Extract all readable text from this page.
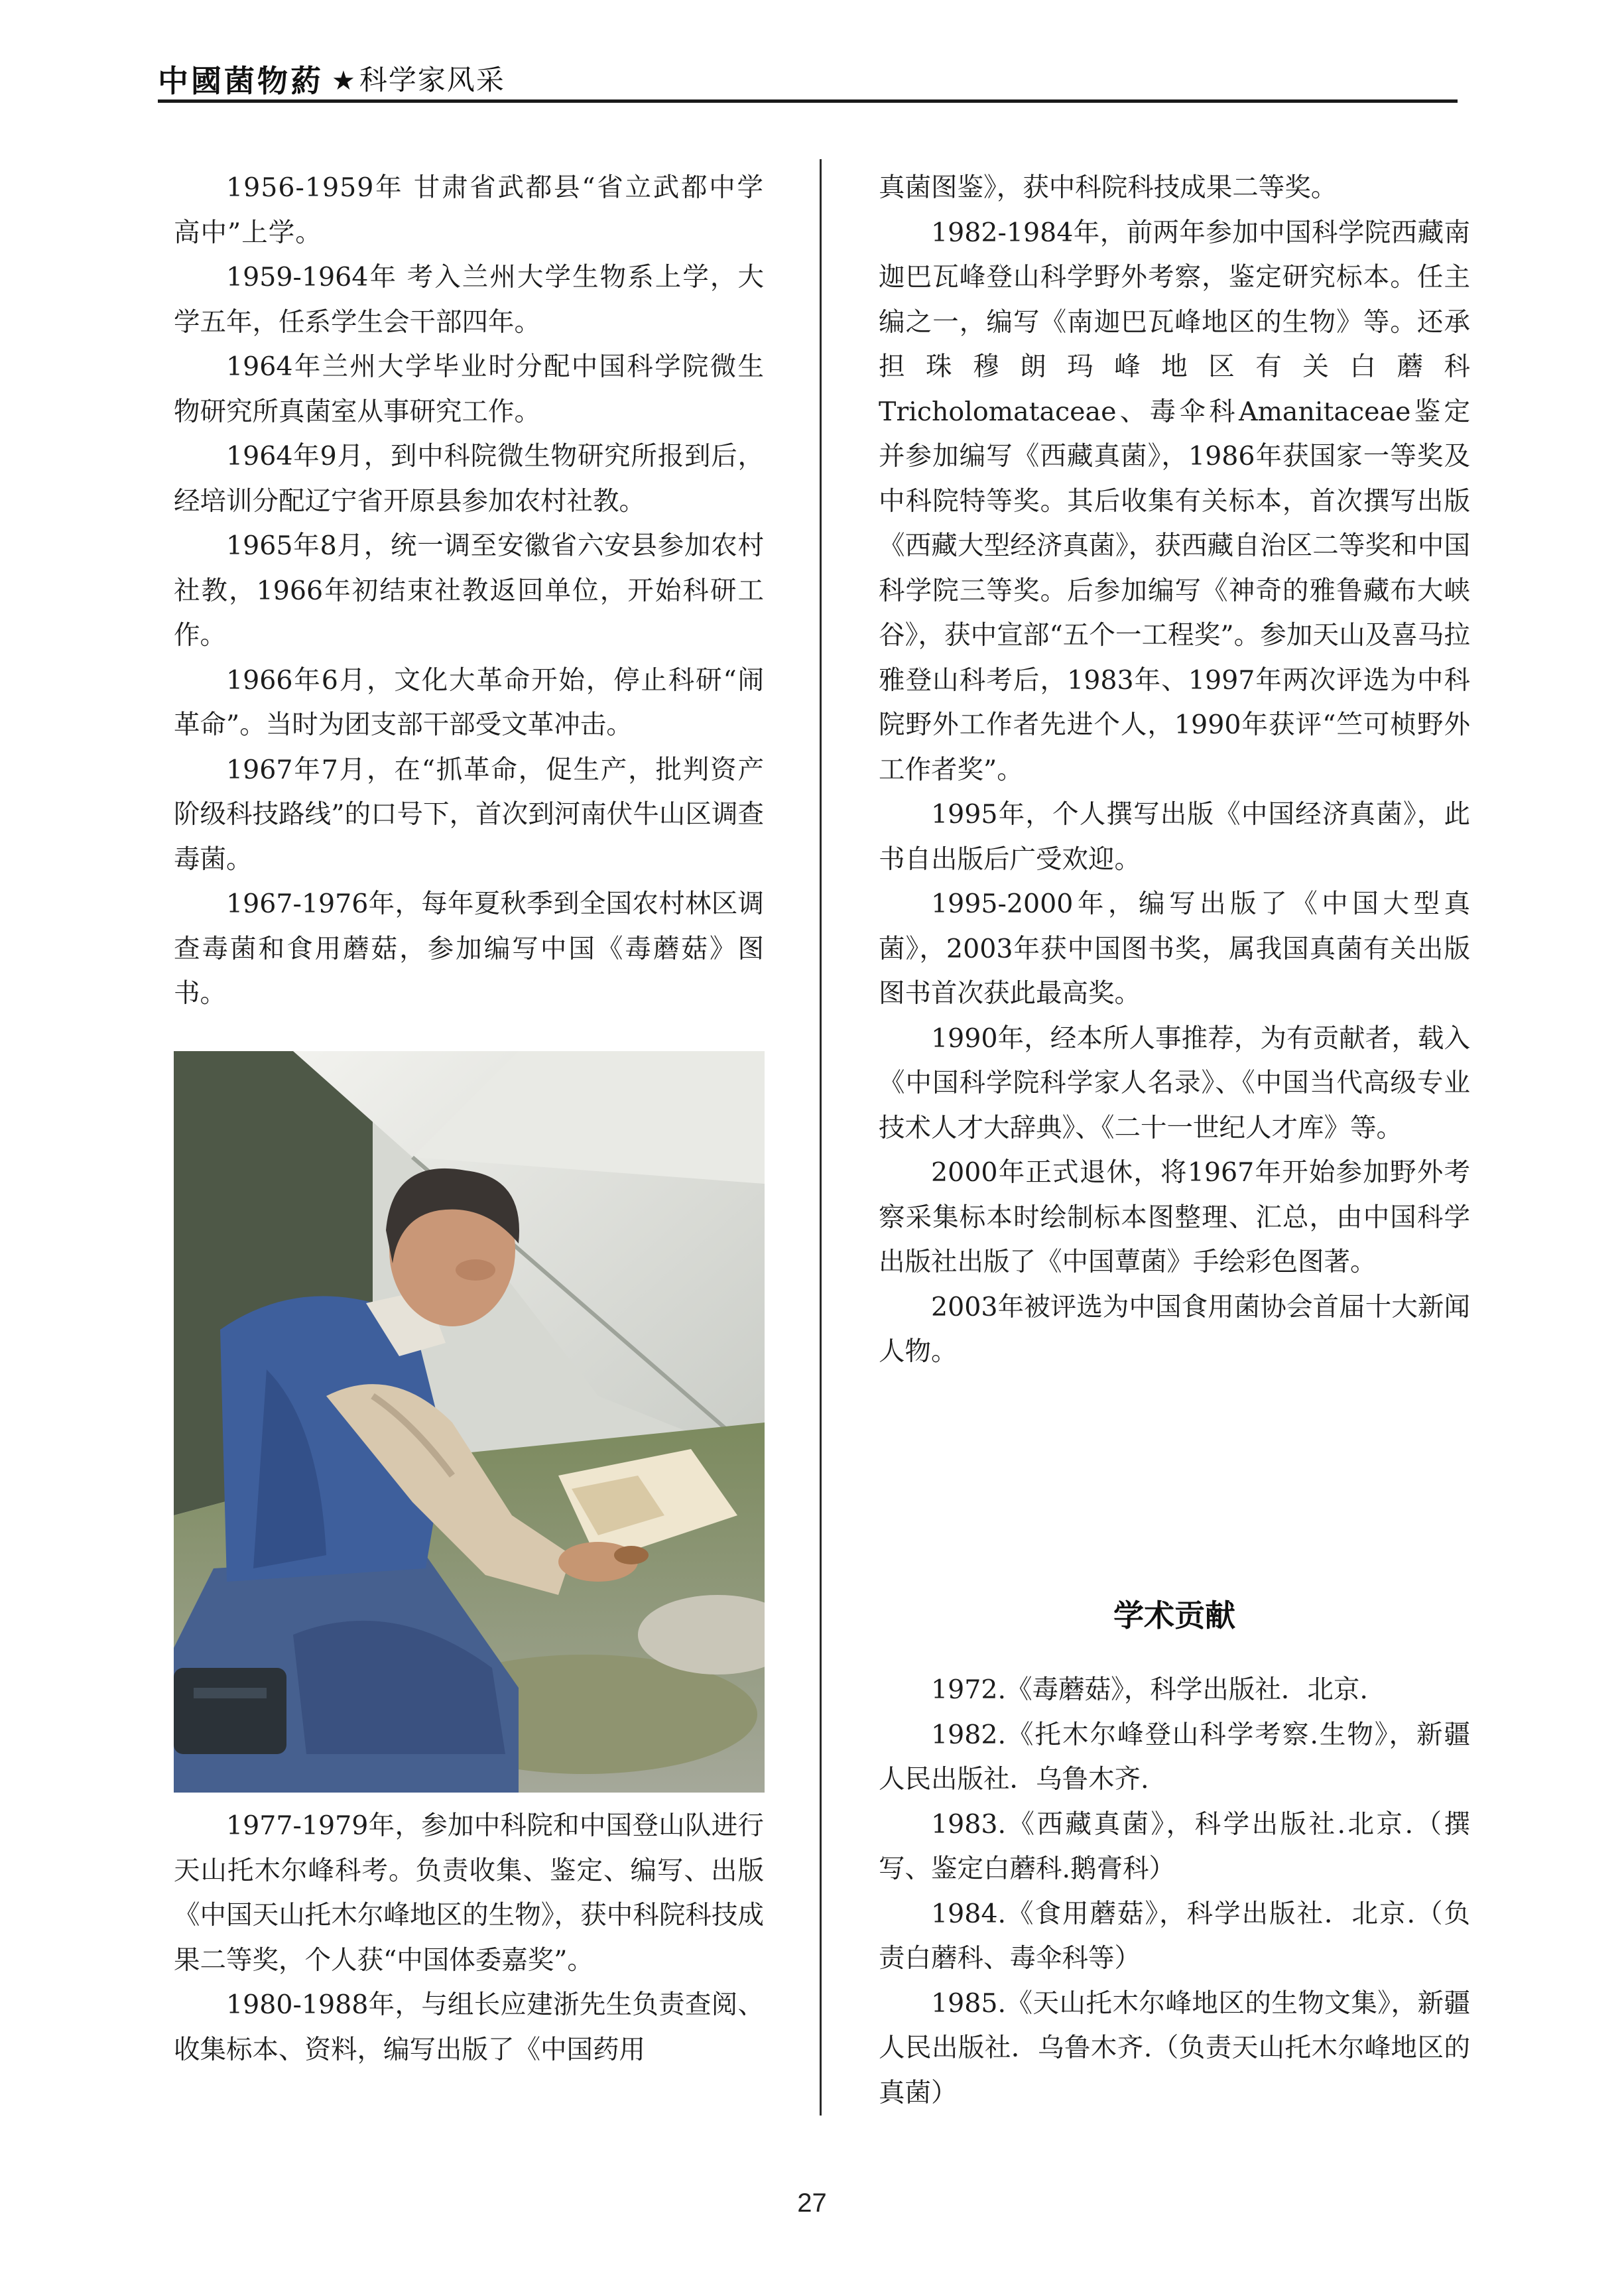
中國菌物葯 ★科学家风采

1956-1959年 甘肃省武都县“省立武都中学高中”上学。

1959-1964年 考入兰州大学生物系上学，大学五年，任系学生会干部四年。

1964年兰州大学毕业时分配中国科学院微生物研究所真菌室从事研究工作。

1964年9月，到中科院微生物研究所报到后，经培训分配辽宁省开原县参加农村社教。

1965年8月，统一调至安徽省六安县参加农村社教，1966年初结束社教返回单位，开始科研工作。

1966年6月，文化大革命开始，停止科研“闹革命”。当时为团支部干部受文革冲击。

1967年7月，在“抓革命，促生产，批判资产阶级科技路线”的口号下，首次到河南伏牛山区调查毒菌。

1967-1976年，每年夏秋季到全国农村林区调查毒菌和食用蘑菇，参加编写中国《毒蘑菇》图书。

1977-1979年，参加中科院和中国登山队进行天山托木尔峰科考。负责收集、鉴定、编写、出版《中国天山托木尔峰地区的生物》，获中科院科技成果二等奖，个人获“中国体委嘉奖”。

1980-1988年，与组长应建浙先生负责查阅、收集标本、资料，编写出版了《中国药用

真菌图鉴》，获中科院科技成果二等奖。

1982-1984年，前两年参加中国科学院西藏南迦巴瓦峰登山科学野外考察，鉴定研究标本。任主编之一，编写《南迦巴瓦峰地区的生物》等。还承担珠穆朗玛峰地区有关白蘑科Tricholomataceae、毒伞科Amanitaceae鉴定并参加编写《西藏真菌》，1986年获国家一等奖及中科院特等奖。其后收集有关标本，首次撰写出版《西藏大型经济真菌》，获西藏自治区二等奖和中国科学院三等奖。后参加编写《神奇的雅鲁藏布大峡谷》，获中宣部“五个一工程奖”。参加天山及喜马拉雅登山科考后，1983年、1997年两次评选为中科院野外工作者先进个人，1990年获评“竺可桢野外工作者奖”。

1995年，个人撰写出版《中国经济真菌》，此书自出版后广受欢迎。

1995-2000年，编写出版了《中国大型真菌》，2003年获中国图书奖，属我国真菌有关出版图书首次获此最高奖。

1990年，经本所人事推荐，为有贡献者，载入《中国科学院科学家人名录》、《中国当代高级专业技术人才大辞典》、《二十一世纪人才库》等。

2000年正式退休，将1967年开始参加野外考察采集标本时绘制标本图整理、汇总，由中国科学出版社出版了《中国蕈菌》手绘彩色图著。

2003年被评选为中国食用菌协会首届十大新闻人物。

学术贡献

1972.《毒蘑菇》，科学出版社．北京.

1982.《托木尔峰登山科学考察.生物》，新疆人民出版社．乌鲁木齐.

1983.《西藏真菌》，科学出版社.北京.（撰写、鉴定白蘑科.鹅膏科）

1984.《食用蘑菇》，科学出版社．北京.（负责白蘑科、毒伞科等）

1985.《天山托木尔峰地区的生物文集》，新疆人民出版社．乌鲁木齐.（负责天山托木尔峰地区的真菌）

27
